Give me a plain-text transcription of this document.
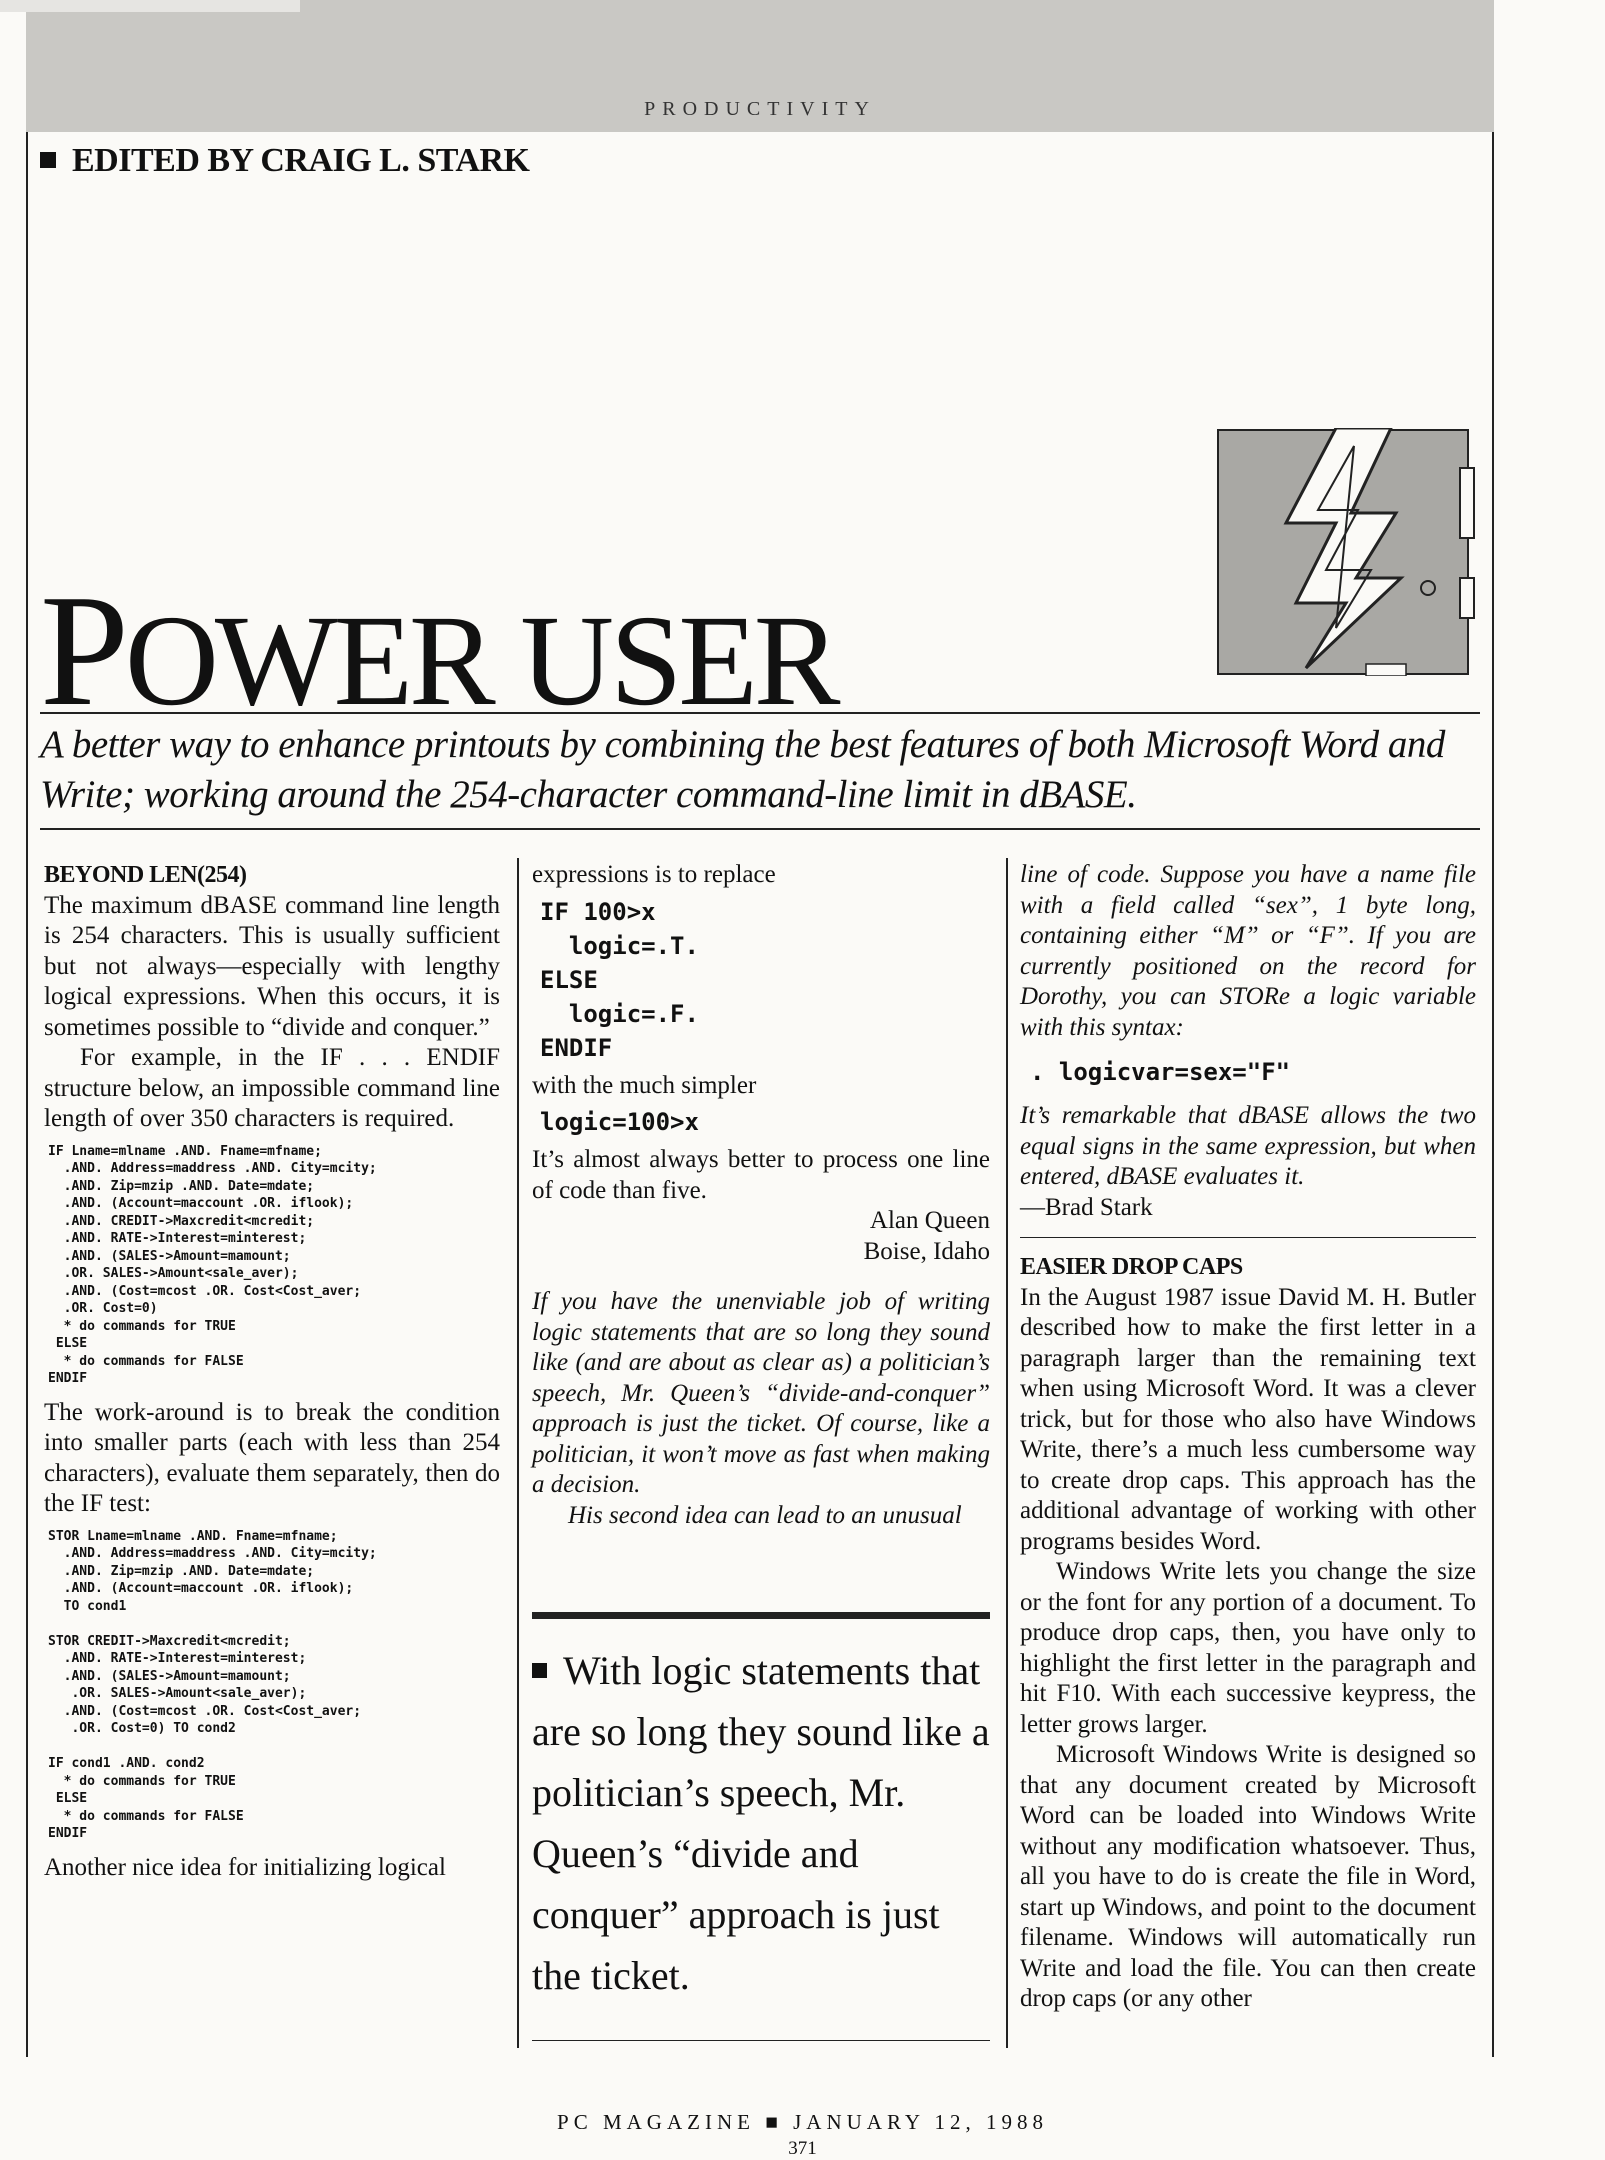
PRODUCTIVITY
EDITED BY CRAIG L. STARK
POWER USER
A better way to enhance printouts by combining the best features of both Microsoft Word and Write; working around the 254-character command-line limit in dBASE.
BEYOND LEN(254)

The maximum dBASE command line length is 254 characters. This is usually sufficient but not always—especially with lengthy logical expressions. When this occurs, it is sometimes possible to “divide and conquer.”

For example, in the IF . . . ENDIF structure below, an impossible command line length of over 350 characters is required.

IF Lname=mlname .AND. Fname=mfname;
.AND. Address=maddress .AND. City=mcity;
.AND. Zip=mzip .AND. Date=mdate;
.AND. (Account=maccount .OR. iflook);
.AND. CREDIT->Maxcredit<mcredit;
.AND. RATE->Interest=minterest;
.AND. (SALES->Amount=mamount;
.OR. SALES->Amount<sale_aver);
.AND. (Cost=mcost .OR. Cost<Cost_aver;
.OR. Cost=0)
* do commands for TRUE
ELSE
* do commands for FALSE
ENDIF

The work-around is to break the condition into smaller parts (each with less than 254 characters), evaluate them separately, then do the IF test:

STOR Lname=mlname .AND. Fname=mfname;
.AND. Address=maddress .AND. City=mcity;
.AND. Zip=mzip .AND. Date=mdate;
.AND. (Account=maccount .OR. iflook);
TO cond1

STOR CREDIT->Maxcredit<mcredit;
.AND. RATE->Interest=minterest;
.AND. (SALES->Amount=mamount;
.OR. SALES->Amount<sale_aver);
.AND. (Cost=mcost .OR. Cost<Cost_aver;
.OR. Cost=0) TO cond2

IF cond1 .AND. cond2
* do commands for TRUE
ELSE
* do commands for FALSE
ENDIF

Another nice idea for initializing logical

expressions is to replace

IF 100>x
logic=.T.
ELSE
logic=.F.
ENDIF

with the much simpler

logic=100>x

It’s almost always better to process one line of code than five.

Alan Queen

Boise, Idaho

If you have the unenviable job of writing logic statements that are so long they sound like (and are about as clear as) a politician’s speech, Mr. Queen’s “divide-and-conquer” approach is just the ticket. Of course, like a politician, it won’t move as fast when making a decision.

His second idea can lead to an unusual

With logic statements that are so long they sound like a politician’s speech, Mr. Queen’s “divide and conquer” approach is just the ticket.

line of code. Suppose you have a name file with a field called “sex”, 1 byte long, containing either “M” or “F”. If you are currently positioned on the record for Dorothy, you can STORe a logic variable with this syntax:

. logicvar=sex="F"

It’s remarkable that dBASE allows the two equal signs in the same expression, but when entered, dBASE evaluates it.

—Brad Stark

EASIER DROP CAPS

In the August 1987 issue David M. H. Butler described how to make the first letter in a paragraph larger than the remaining text when using Microsoft Word. It was a clever trick, but for those who also have Windows Write, there’s a much less cumbersome way to create drop caps. This approach has the additional advantage of working with other programs besides Word.

Windows Write lets you change the size or the font for any portion of a document. To produce drop caps, then, you have only to highlight the first letter in the paragraph and hit F10. With each successive keypress, the letter grows larger.

Microsoft Windows Write is designed so that any document created by Microsoft Word can be loaded into Windows Write without any modification whatsoever. Thus, all you have to do is create the file in Word, start up Windows, and point to the document filename. Windows will automatically run Write and load the file. You can then create drop caps (or any other

PC MAGAZINE ■ JANUARY 12, 1988
371
